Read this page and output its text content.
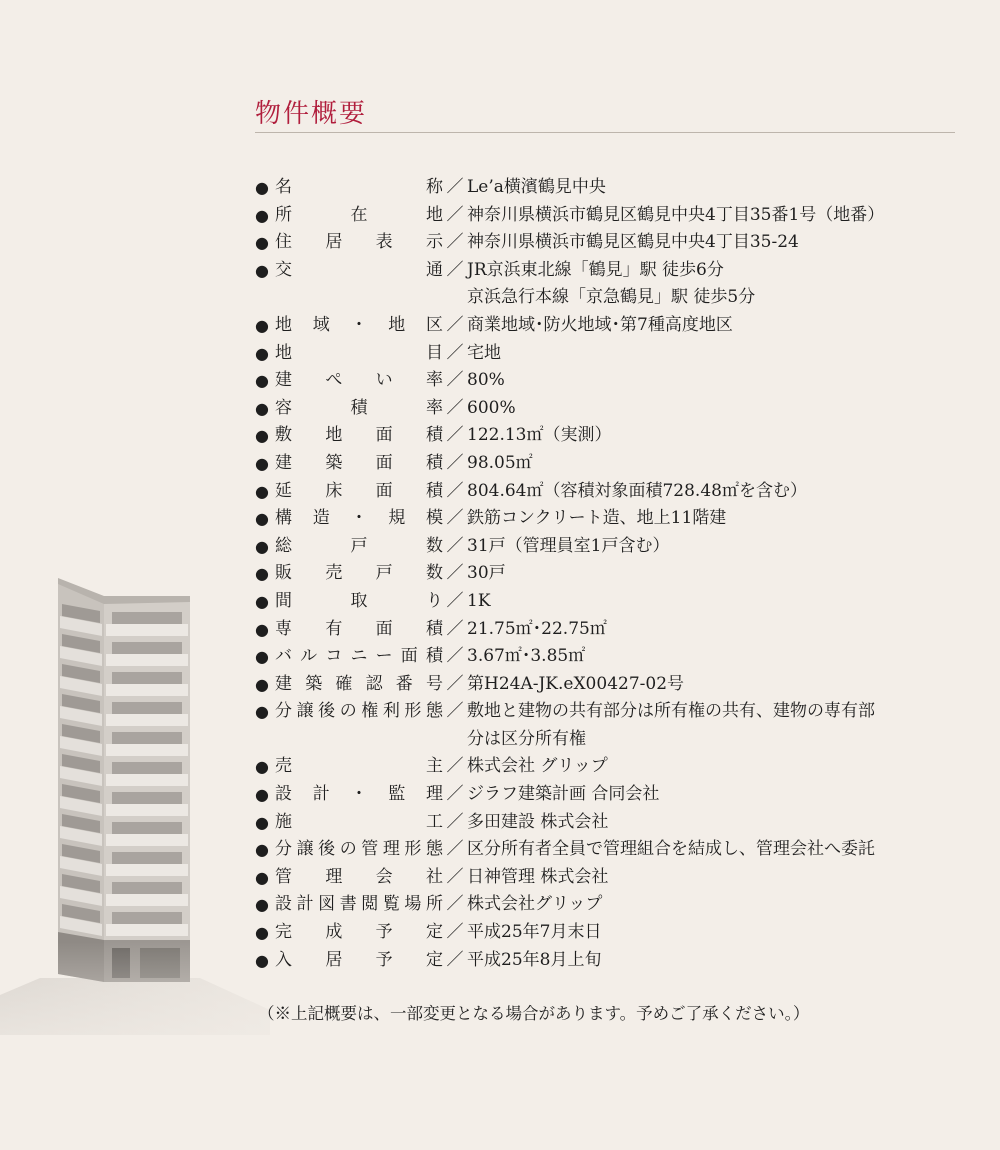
物件概要
● 名	称 ／ Le’a横濱鶴見中央
● 所	在	地 ／ 神奈川県横浜市鶴見区鶴見中央4丁目35番1号（地番）
● 住 居 表 示 ／ 神奈川県横浜市鶴見区鶴見中央4丁目35-24
● 交	通 ／ JR京浜東北線「鶴見」駅 徒歩6分
京浜急行本線「京急鶴見」駅 徒歩5分
● 地 域 ・ 地 区 ／ 商業地域･防火地域･第7種高度地区
● 地	目 ／ 宅地
● 建 ぺ い 率 ／ 80%
● 容	積	率 ／ 600%
● 敷 地 面 積 ／ 122.13㎡（実測）
● 建 築 面 積 ／ 98.05㎡
● 延 床 面 積 ／ 804.64㎡（容積対象面積728.48㎡を含む）
● 構 造 ・ 規 模 ／ 鉄筋コンクリート造、地上11階建
● 総	戸	数 ／ 31戸（管理員室1戸含む）
● 販 売 戸 数 ／ 30戸
● 間	取	り ／ 1K
● 専 有 面 積 ／ 21.75㎡･22.75㎡
● バ ル コ ニ ー 面 積 ／ 3.67㎡･3.85㎡
● 建 築 確 認 番 号 ／ 第H24A-JK.eX00427-02号
● 分 譲 後 の 権 利 形 態 ／ 敷地と建物の共有部分は所有権の共有、建物の専有部
分は区分所有権
● 売	主 ／ 株式会社 グリップ
● 設 計 ・ 監 理 ／ ジラフ建築計画 合同会社
● 施	工 ／ 多田建設 株式会社
● 分 譲 後 の 管 理 形 態 ／ 区分所有者全員で管理組合を結成し、管理会社へ委託
● 管 理 会 社 ／ 日神管理 株式会社
● 設 計 図 書 閲 覧 場 所 ／ 株式会社グリップ
● 完 成 予 定 ／ 平成25年7月末日
● 入 居 予 定 ／ 平成25年8月上旬
（※上記概要は、一部変更となる場合があります。予めご了承ください。）
